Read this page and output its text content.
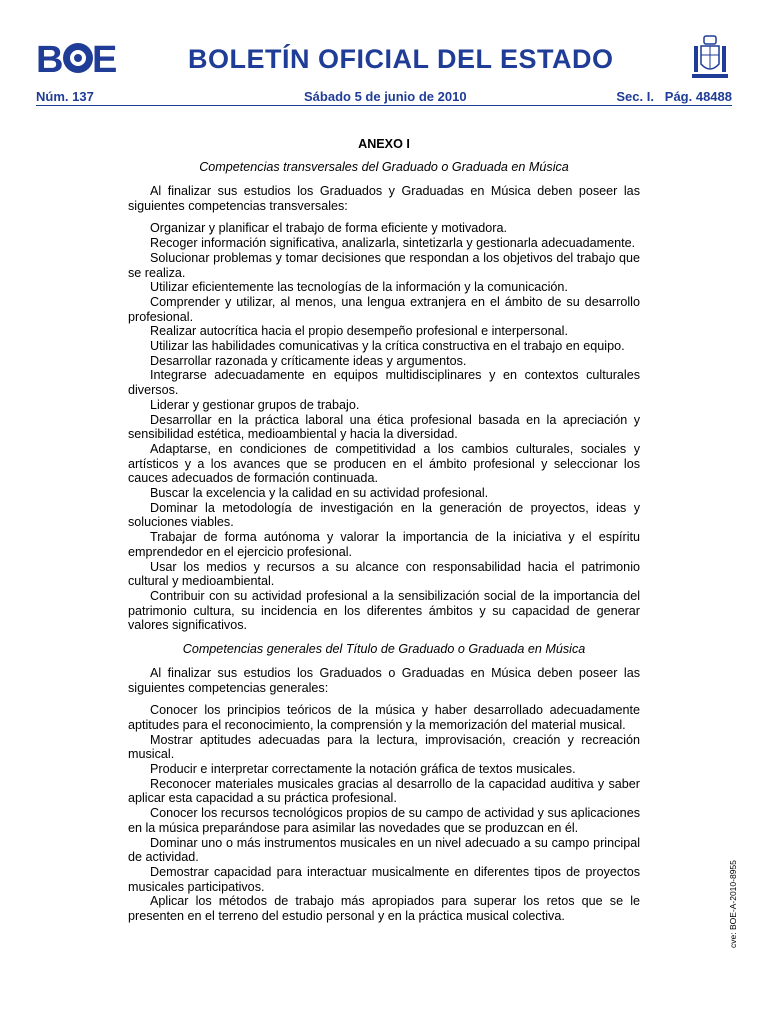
B E	BOLETÍN OFICIAL DEL ESTADO
Núm. 137	Sábado 5 de junio de 2010	Sec. I.   Pág. 48488

ANEXO I

Competencias transversales del Graduado o Graduada en Música

Al finalizar sus estudios los Graduados y Graduadas en Música deben poseer las siguientes competencias transversales:

Organizar y planificar el trabajo de forma eficiente y motivadora.

Recoger información significativa, analizarla, sintetizarla y gestionarla adecuadamente.

Solucionar problemas y tomar decisiones que respondan a los objetivos del trabajo que se realiza.

Utilizar eficientemente las tecnologías de la información y la comunicación.

Comprender y utilizar, al menos, una lengua extranjera en el ámbito de su desarrollo profesional.

Realizar autocrítica hacia el propio desempeño profesional e interpersonal.

Utilizar las habilidades comunicativas y la crítica constructiva en el trabajo en equipo.

Desarrollar razonada y críticamente ideas y argumentos.

Integrarse adecuadamente en equipos multidisciplinares y en contextos culturales diversos.

Liderar y gestionar grupos de trabajo.

Desarrollar en la práctica laboral una ética profesional basada en la apreciación y sensibilidad estética, medioambiental y hacia la diversidad.

Adaptarse, en condiciones de competitividad a los cambios culturales, sociales y artísticos y a los avances que se producen en el ámbito profesional y seleccionar los cauces adecuados de formación continuada.

Buscar la excelencia y la calidad en su actividad profesional.

Dominar la metodología de investigación en la generación de proyectos, ideas y soluciones viables.

Trabajar de forma autónoma y valorar la importancia de la iniciativa y el espíritu emprendedor en el ejercicio profesional.

Usar los medios y recursos a su alcance con responsabilidad hacia el patrimonio cultural y medioambiental.

Contribuir con su actividad profesional a la sensibilización social de la importancia del patrimonio cultura, su incidencia en los diferentes ámbitos y su capacidad de generar valores significativos.

Competencias generales del Título de Graduado o Graduada en Música

Al finalizar sus estudios los Graduados o Graduadas en Música deben poseer las siguientes competencias generales:

Conocer los principios teóricos de la música y haber desarrollado adecuadamente aptitudes para el reconocimiento, la comprensión y la memorización del material musical.

Mostrar aptitudes adecuadas para la lectura, improvisación, creación y recreación musical.

Producir e interpretar correctamente la notación gráfica de textos musicales.

Reconocer materiales musicales gracias al desarrollo de la capacidad auditiva y saber aplicar esta capacidad a su práctica profesional.

Conocer los recursos tecnológicos propios de su campo de actividad y sus aplicaciones en la música preparándose para asimilar las novedades que se produzcan en él.

Dominar uno o más instrumentos musicales en un nivel adecuado a su campo principal de actividad.

Demostrar capacidad para interactuar musicalmente en diferentes tipos de proyectos musicales participativos.

Aplicar los métodos de trabajo más apropiados para superar los retos que se le presenten en el terreno del estudio personal y en la práctica musical colectiva.	cve: BOE-A-2010-8955
